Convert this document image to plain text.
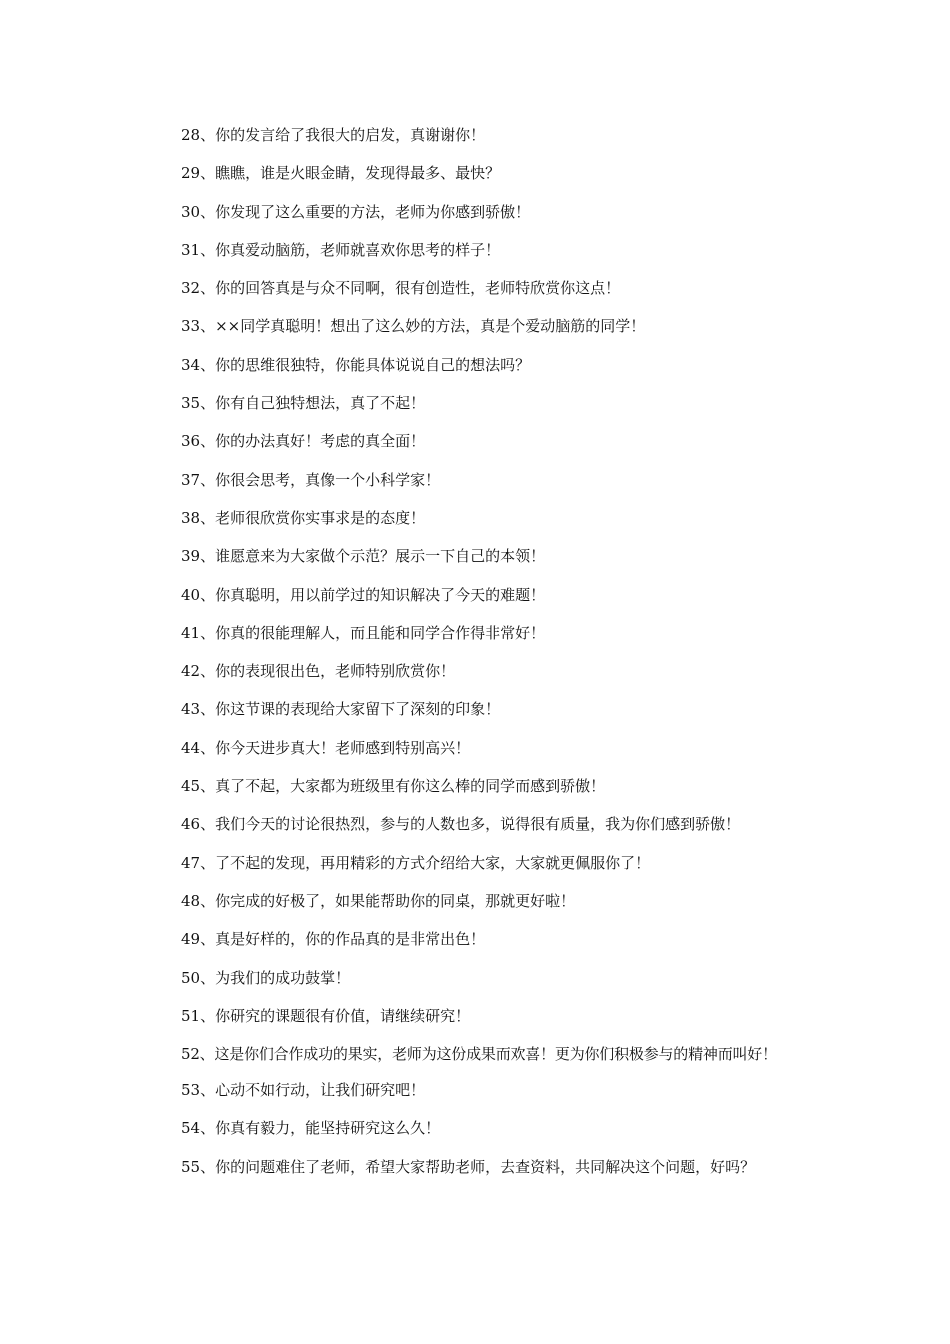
28、你的发言给了我很大的启发，真谢谢你！

29、瞧瞧，谁是火眼金睛，发现得最多、最快？

30、你发现了这么重要的方法，老师为你感到骄傲！

31、你真爱动脑筋，老师就喜欢你思考的样子！

32、你的回答真是与众不同啊，很有创造性，老师特欣赏你这点！

33、××同学真聪明！想出了这么妙的方法，真是个爱动脑筋的同学！

34、你的思维很独特，你能具体说说自己的想法吗？

35、你有自己独特想法，真了不起！

36、你的办法真好！考虑的真全面！

37、你很会思考，真像一个小科学家！

38、老师很欣赏你实事求是的态度！

39、谁愿意来为大家做个示范？展示一下自己的本领！

40、你真聪明，用以前学过的知识解决了今天的难题！

41、你真的很能理解人，而且能和同学合作得非常好！

42、你的表现很出色，老师特别欣赏你！

43、你这节课的表现给大家留下了深刻的印象！

44、你今天进步真大！老师感到特别高兴！

45、真了不起，大家都为班级里有你这么棒的同学而感到骄傲！

46、我们今天的讨论很热烈，参与的人数也多，说得很有质量，我为你们感到骄傲！

47、了不起的发现，再用精彩的方式介绍给大家，大家就更佩服你了！

48、你完成的好极了，如果能帮助你的同桌，那就更好啦！

49、真是好样的，你的作品真的是非常出色！

50、为我们的成功鼓掌！

51、你研究的课题很有价值，请继续研究！

52、这是你们合作成功的果实，老师为这份成果而欢喜！更为你们积极参与的精神而叫好！

53、心动不如行动，让我们研究吧！

54、你真有毅力，能坚持研究这么久！

55、你的问题难住了老师，希望大家帮助老师，去查资料，共同解决这个问题，好吗？
